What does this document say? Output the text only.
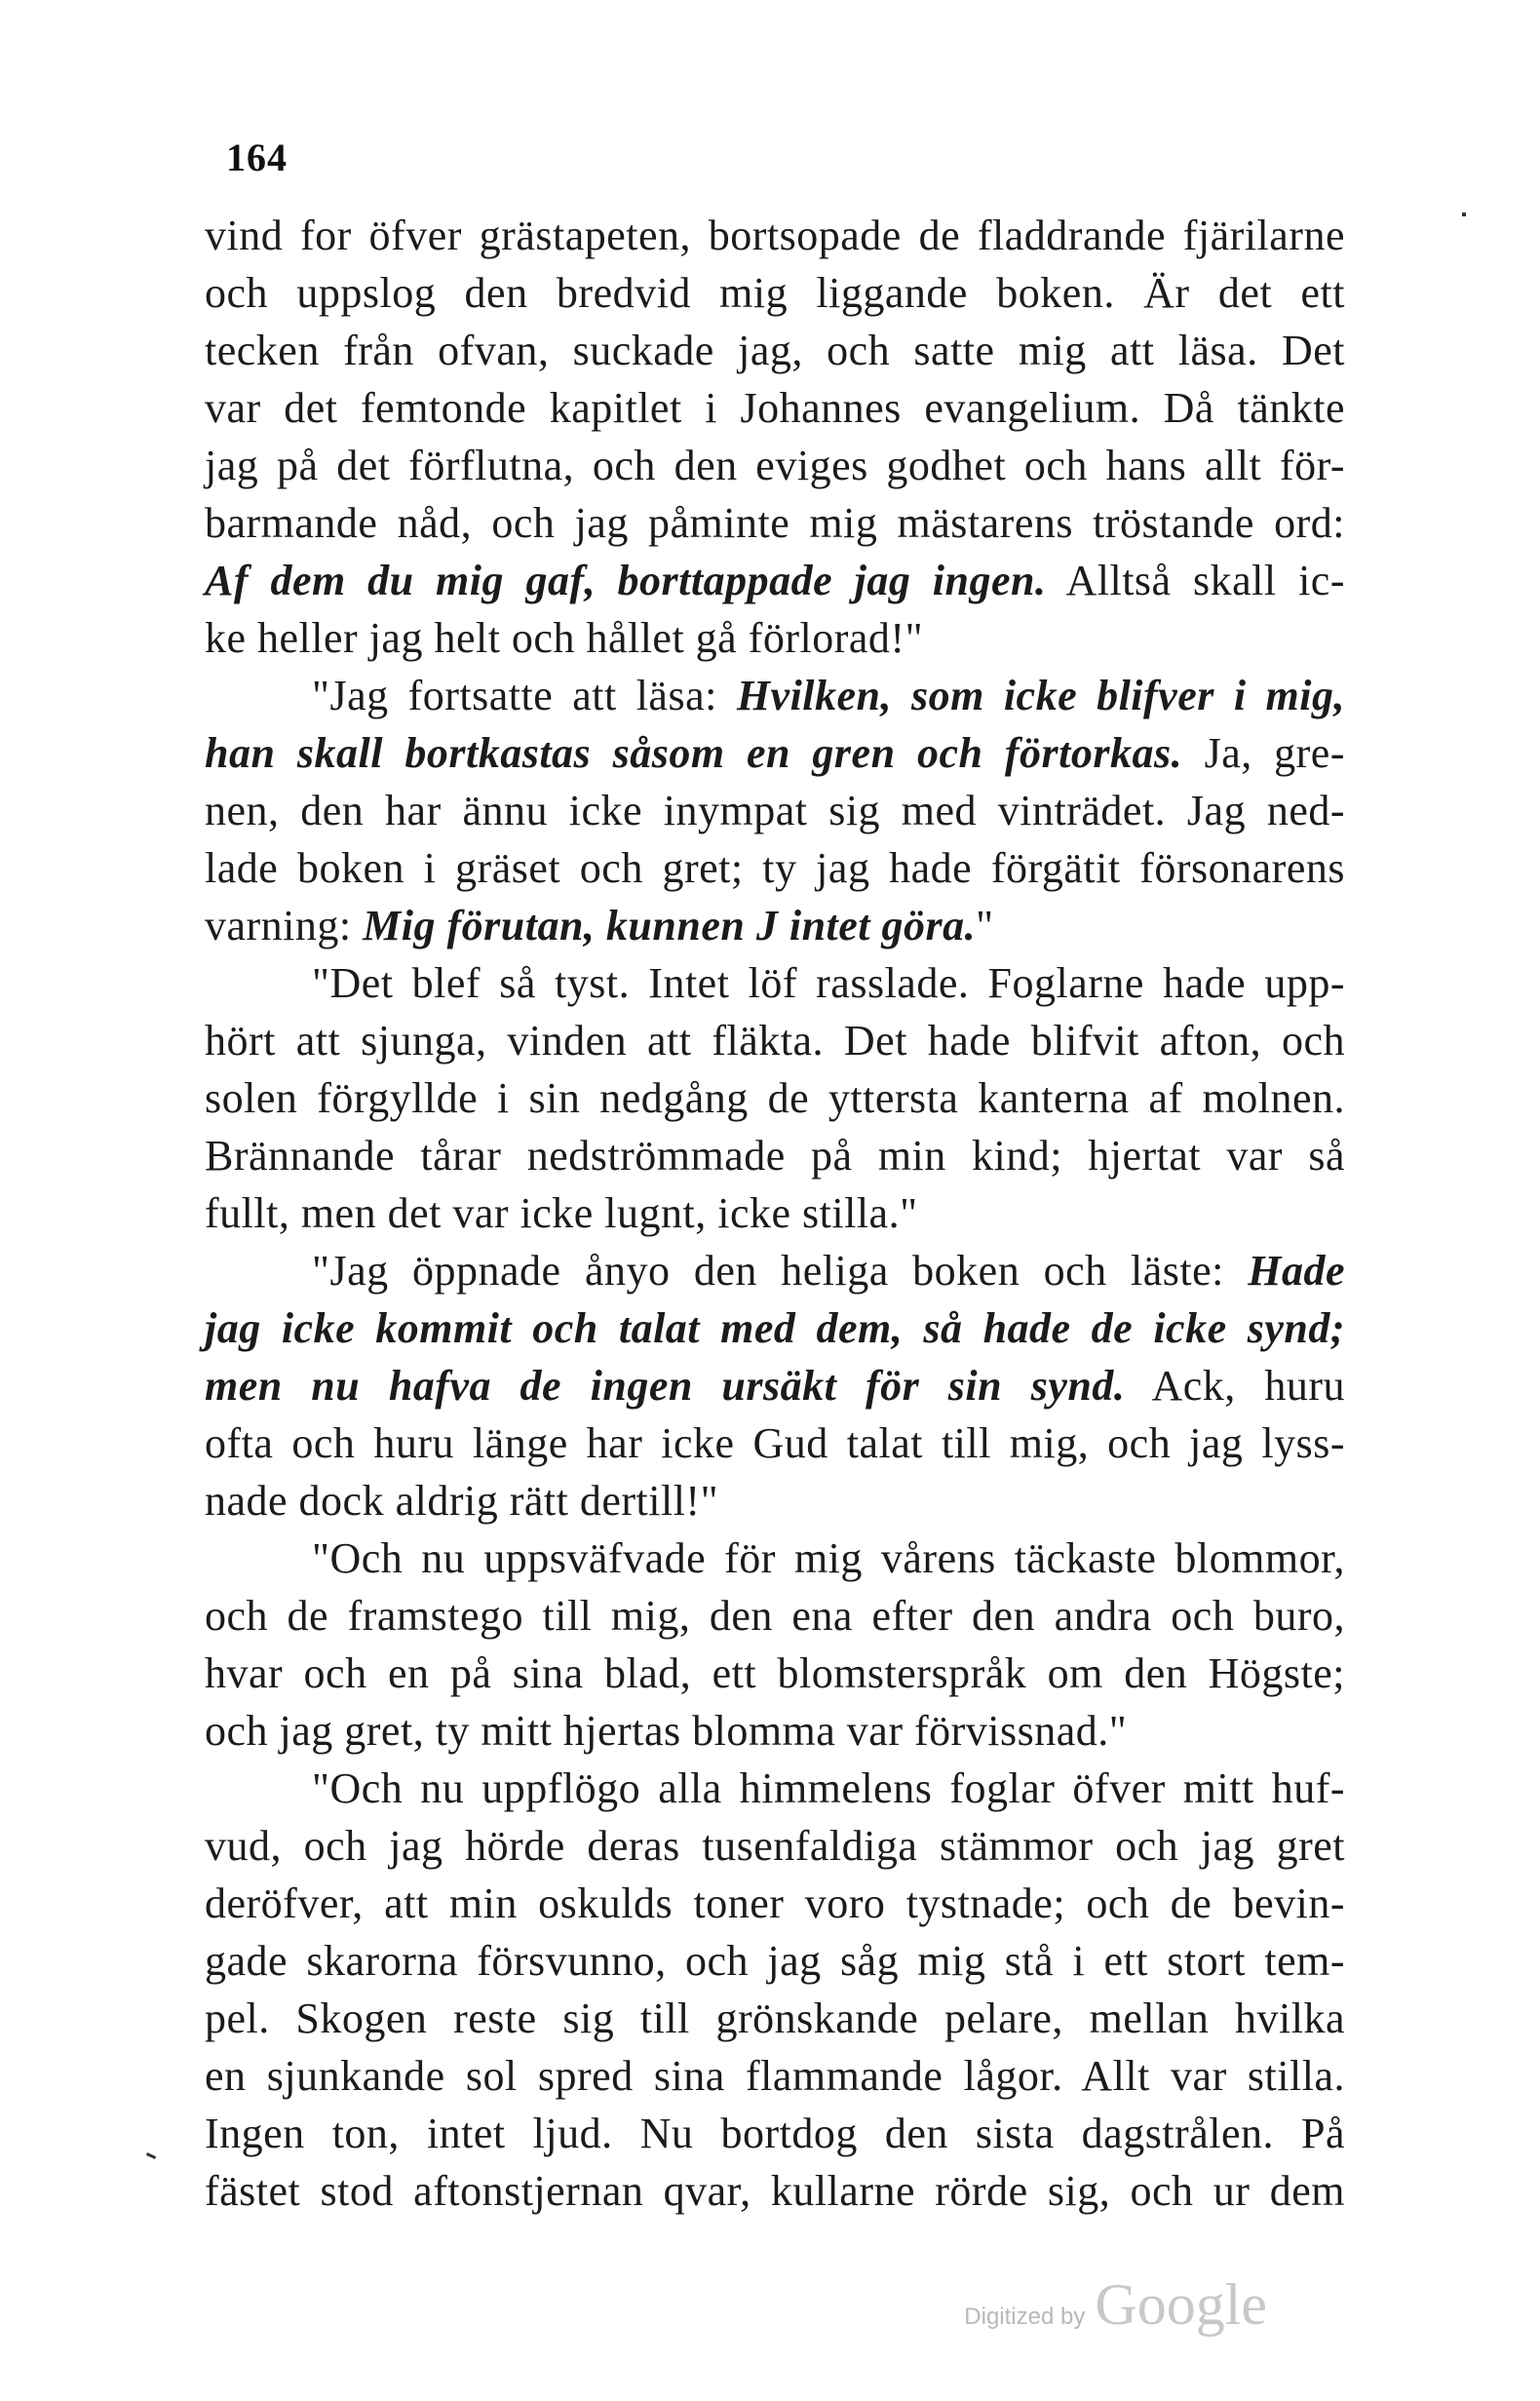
164
vind for öfver grästapeten, bortsopade de fladdrande fjärilarne
och uppslog den bredvid mig liggande boken. Är det ett
tecken från ofvan, suckade jag, och satte mig att läsa. Det
var det femtonde kapitlet i Johannes evangelium. Då tänkte
jag på det förflutna, och den eviges godhet och hans allt för-
barmande nåd, och jag påminte mig mästarens tröstande ord:
Af dem du mig gaf, borttappade jag ingen. Alltså skall ic-
ke heller jag helt och hållet gå förlorad!"
"Jag fortsatte att läsa: Hvilken, som icke blifver i mig,
han skall bortkastas såsom en gren och förtorkas. Ja, gre-
nen, den har ännu icke inympat sig med vinträdet. Jag ned-
lade boken i gräset och gret; ty jag hade förgätit försonarens
varning: Mig förutan, kunnen J intet göra."
"Det blef så tyst. Intet löf rasslade. Foglarne hade upp-
hört att sjunga, vinden att fläkta. Det hade blifvit afton, och
solen förgyllde i sin nedgång de yttersta kanterna af molnen.
Brännande tårar nedströmmade på min kind; hjertat var så
fullt, men det var icke lugnt, icke stilla."
"Jag öppnade ånyo den heliga boken och läste: Hade
jag icke kommit och talat med dem, så hade de icke synd;
men nu hafva de ingen ursäkt för sin synd. Ack, huru
ofta och huru länge har icke Gud talat till mig, och jag lyss-
nade dock aldrig rätt dertill!"
"Och nu uppsväfvade för mig vårens täckaste blommor,
och de framstego till mig, den ena efter den andra och buro,
hvar och en på sina blad, ett blomsterspråk om den Högste;
och jag gret, ty mitt hjertas blomma var förvissnad."
"Och nu uppflögo alla himmelens foglar öfver mitt huf-
vud, och jag hörde deras tusenfaldiga stämmor och jag gret
deröfver, att min oskulds toner voro tystnade; och de bevin-
gade skarorna försvunno, och jag såg mig stå i ett stort tem-
pel. Skogen reste sig till grönskande pelare, mellan hvilka
en sjunkande sol spred sina flammande lågor. Allt var stilla.
Ingen ton, intet ljud. Nu bortdog den sista dagstrålen. På
fästet stod aftonstjernan qvar, kullarne rörde sig, och ur dem
Digitized by Google
